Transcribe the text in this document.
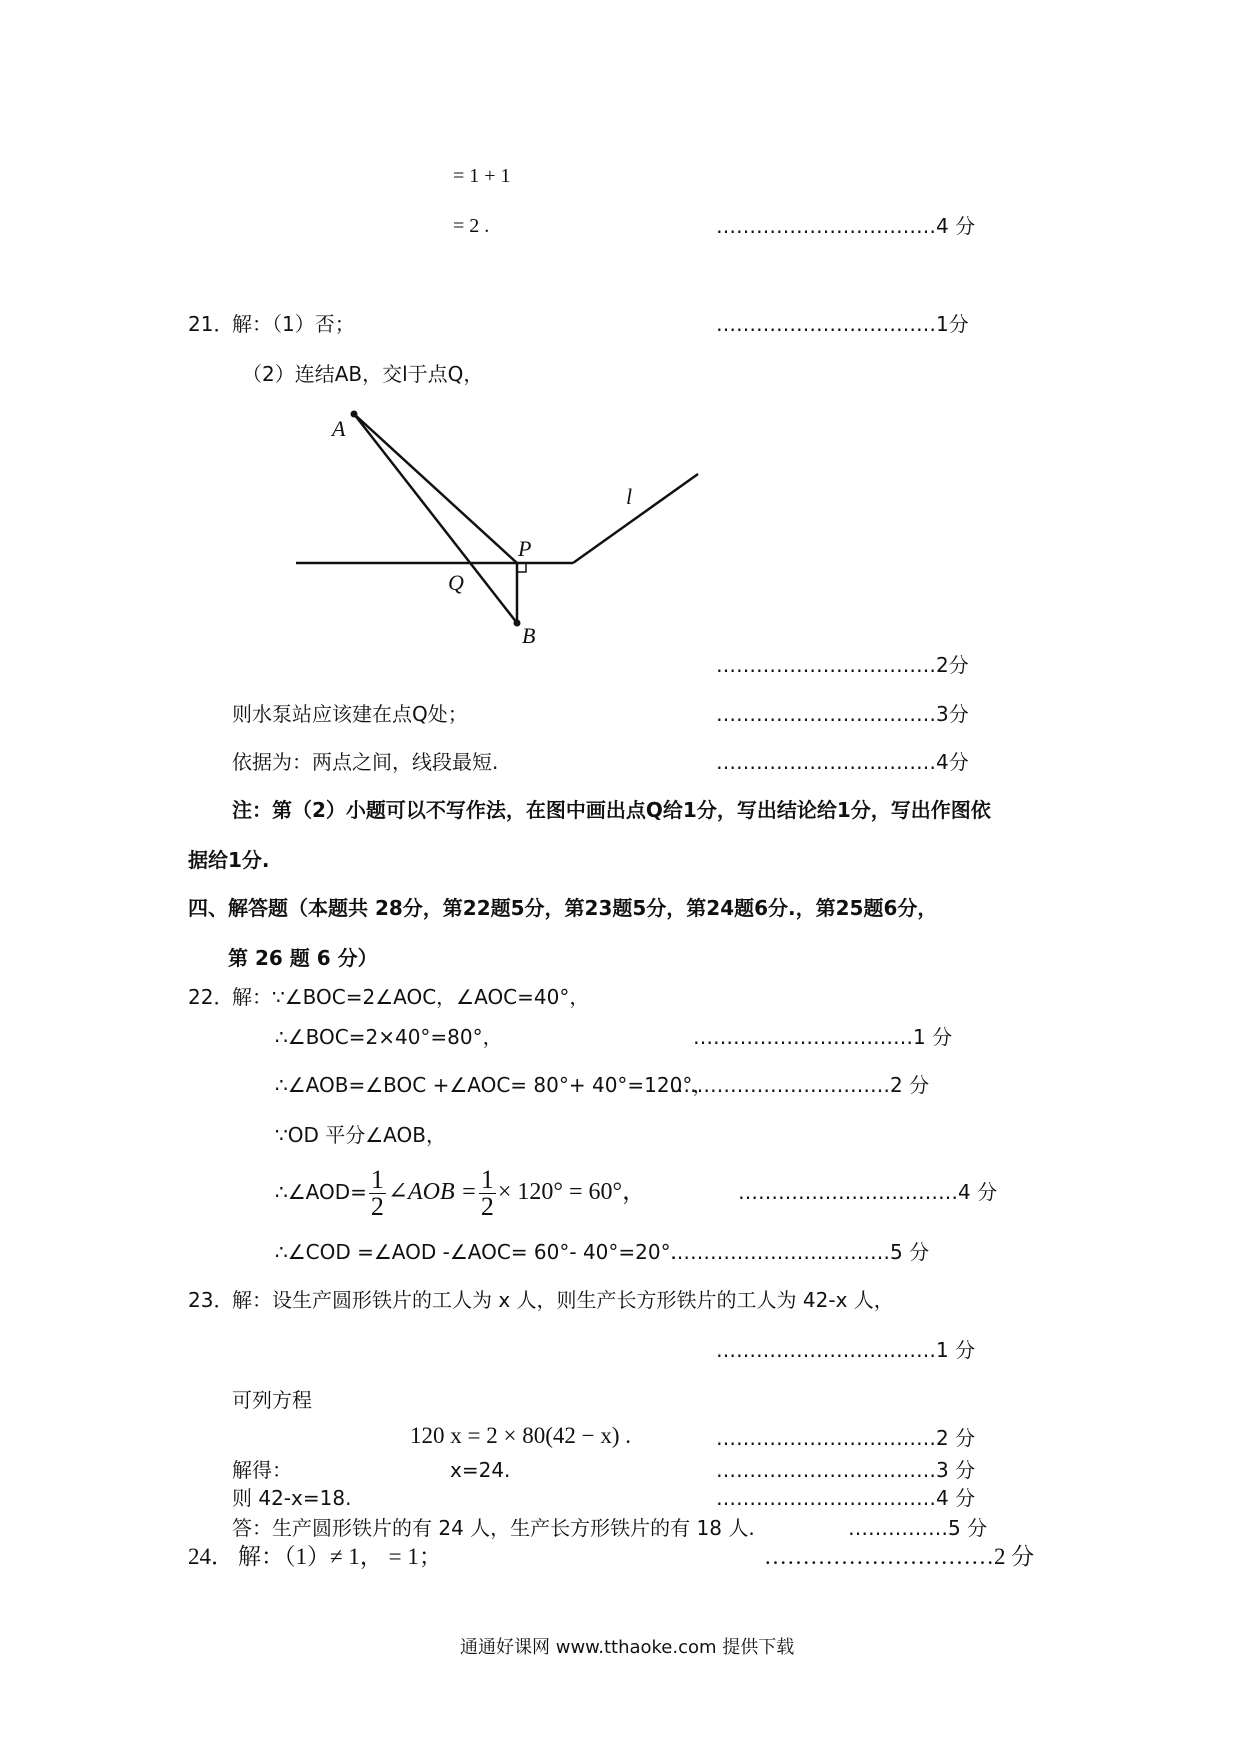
= 1 + 1
= 2 .	……………………………4 分
21．
解：（1）否；	……………………………1分
（2）连结AB，交l于点Q，
A
B
P
Q
l
……………………………2分
则水泵站应该建在点Q处；	……………………………3分
依据为：两点之间，线段最短.	……………………………4分
注：第（2）小题可以不写作法，在图中画出点Q给1分，写出结论给1分，写出作图依
据给1分.
四、解答题（本题共 28分，第22题5分，第23题5分，第24题6分.，第25题6分，
第 26 题 6 分）
22．
解：∵∠BOC=2∠AOC，∠AOC=40°，
∴∠BOC=2×40°=80°，	……………………………1 分
∴∠AOB=∠BOC +∠AOC= 80°+ 40°=120°，
……………………………2 分
∵OD 平分∠AOB，
∴∠AOD= $\frac{1}{2}$ ∠AOB = $\frac{1}{2} \times 120^\circ = 60^\circ$，	……………………………4 分
∴∠COD =∠AOD -∠AOC= 60°- 40°=20°.
……………………………5 分
23．
解：设生产圆形铁片的工人为 x 人，则生产长方形铁片的工人为 42-x 人，
……………………………1 分
可列方程
120 x = 2 × 80(42 − x) .	……………………………2 分
解得：	x=24.	……………………………3 分
则 42-x=18.	……………………………4 分
答：生产圆形铁片的有 24 人，生产长方形铁片的有 18 人.	……………5 分
24． 解：（1）≠ 1， = 1；	…………………………2 分
通通好课网 www.tthaoke.com 提供下载
